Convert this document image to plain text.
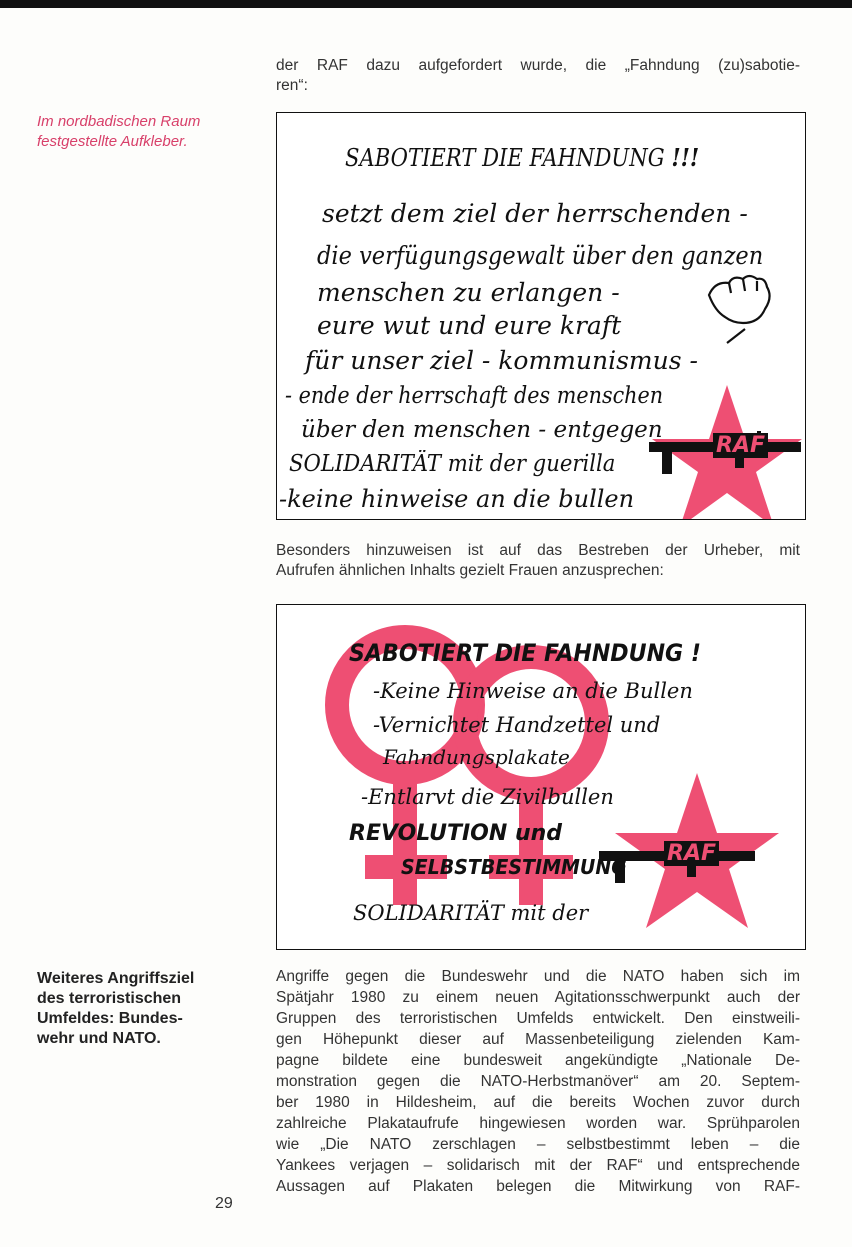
Im nordbadischen Raum festgestellte Aufkleber.
der RAF dazu aufgefordert wurde, die „Fahndung (zu)sabotie-
ren“:
SABOTIERT DIE FAHNDUNG !!!
setzt dem ziel der herrschenden -
die verfügungsgewalt über den ganzen
menschen zu erlangen -
eure wut und eure kraft
für unser ziel - kommunismus -
- ende der herrschaft des menschen
über den menschen - entgegen
SOLIDARITÄT mit der guerilla
-keine hinweise an die bullen
RAF
Besonders hinzuweisen ist auf das Bestreben der Urheber, mit
Aufrufen ähnlichen Inhalts gezielt Frauen anzusprechen:
SABOTIERT DIE FAHNDUNG !
-Keine Hinweise an die Bullen
-Vernichtet Handzettel und
Fahndungsplakate
-Entlarvt die Zivilbullen
REVOLUTION und
SELBSTBESTIMMUNG
SOLIDARITÄT mit der
RAF
Weiteres Angriffsziel
des terroristischen
Umfeldes: Bundes-
wehr und NATO.
Angriffe gegen die Bundeswehr und die NATO haben sich im
Spätjahr 1980 zu einem neuen Agitationsschwerpunkt auch der
Gruppen des terroristischen Umfelds entwickelt. Den einstweili-
gen Höhepunkt dieser auf Massenbeteiligung zielenden Kam-
pagne bildete eine bundesweit angekündigte „Nationale De-
monstration gegen die NATO-Herbstmanöver“ am 20. Septem-
ber 1980 in Hildesheim, auf die bereits Wochen zuvor durch
zahlreiche Plakataufrufe hingewiesen worden war. Sprühparolen
wie „Die NATO zerschlagen – selbstbestimmt leben – die
Yankees verjagen – solidarisch mit der RAF“ und entsprechende
Aussagen auf Plakaten belegen die Mitwirkung von RAF-
29
